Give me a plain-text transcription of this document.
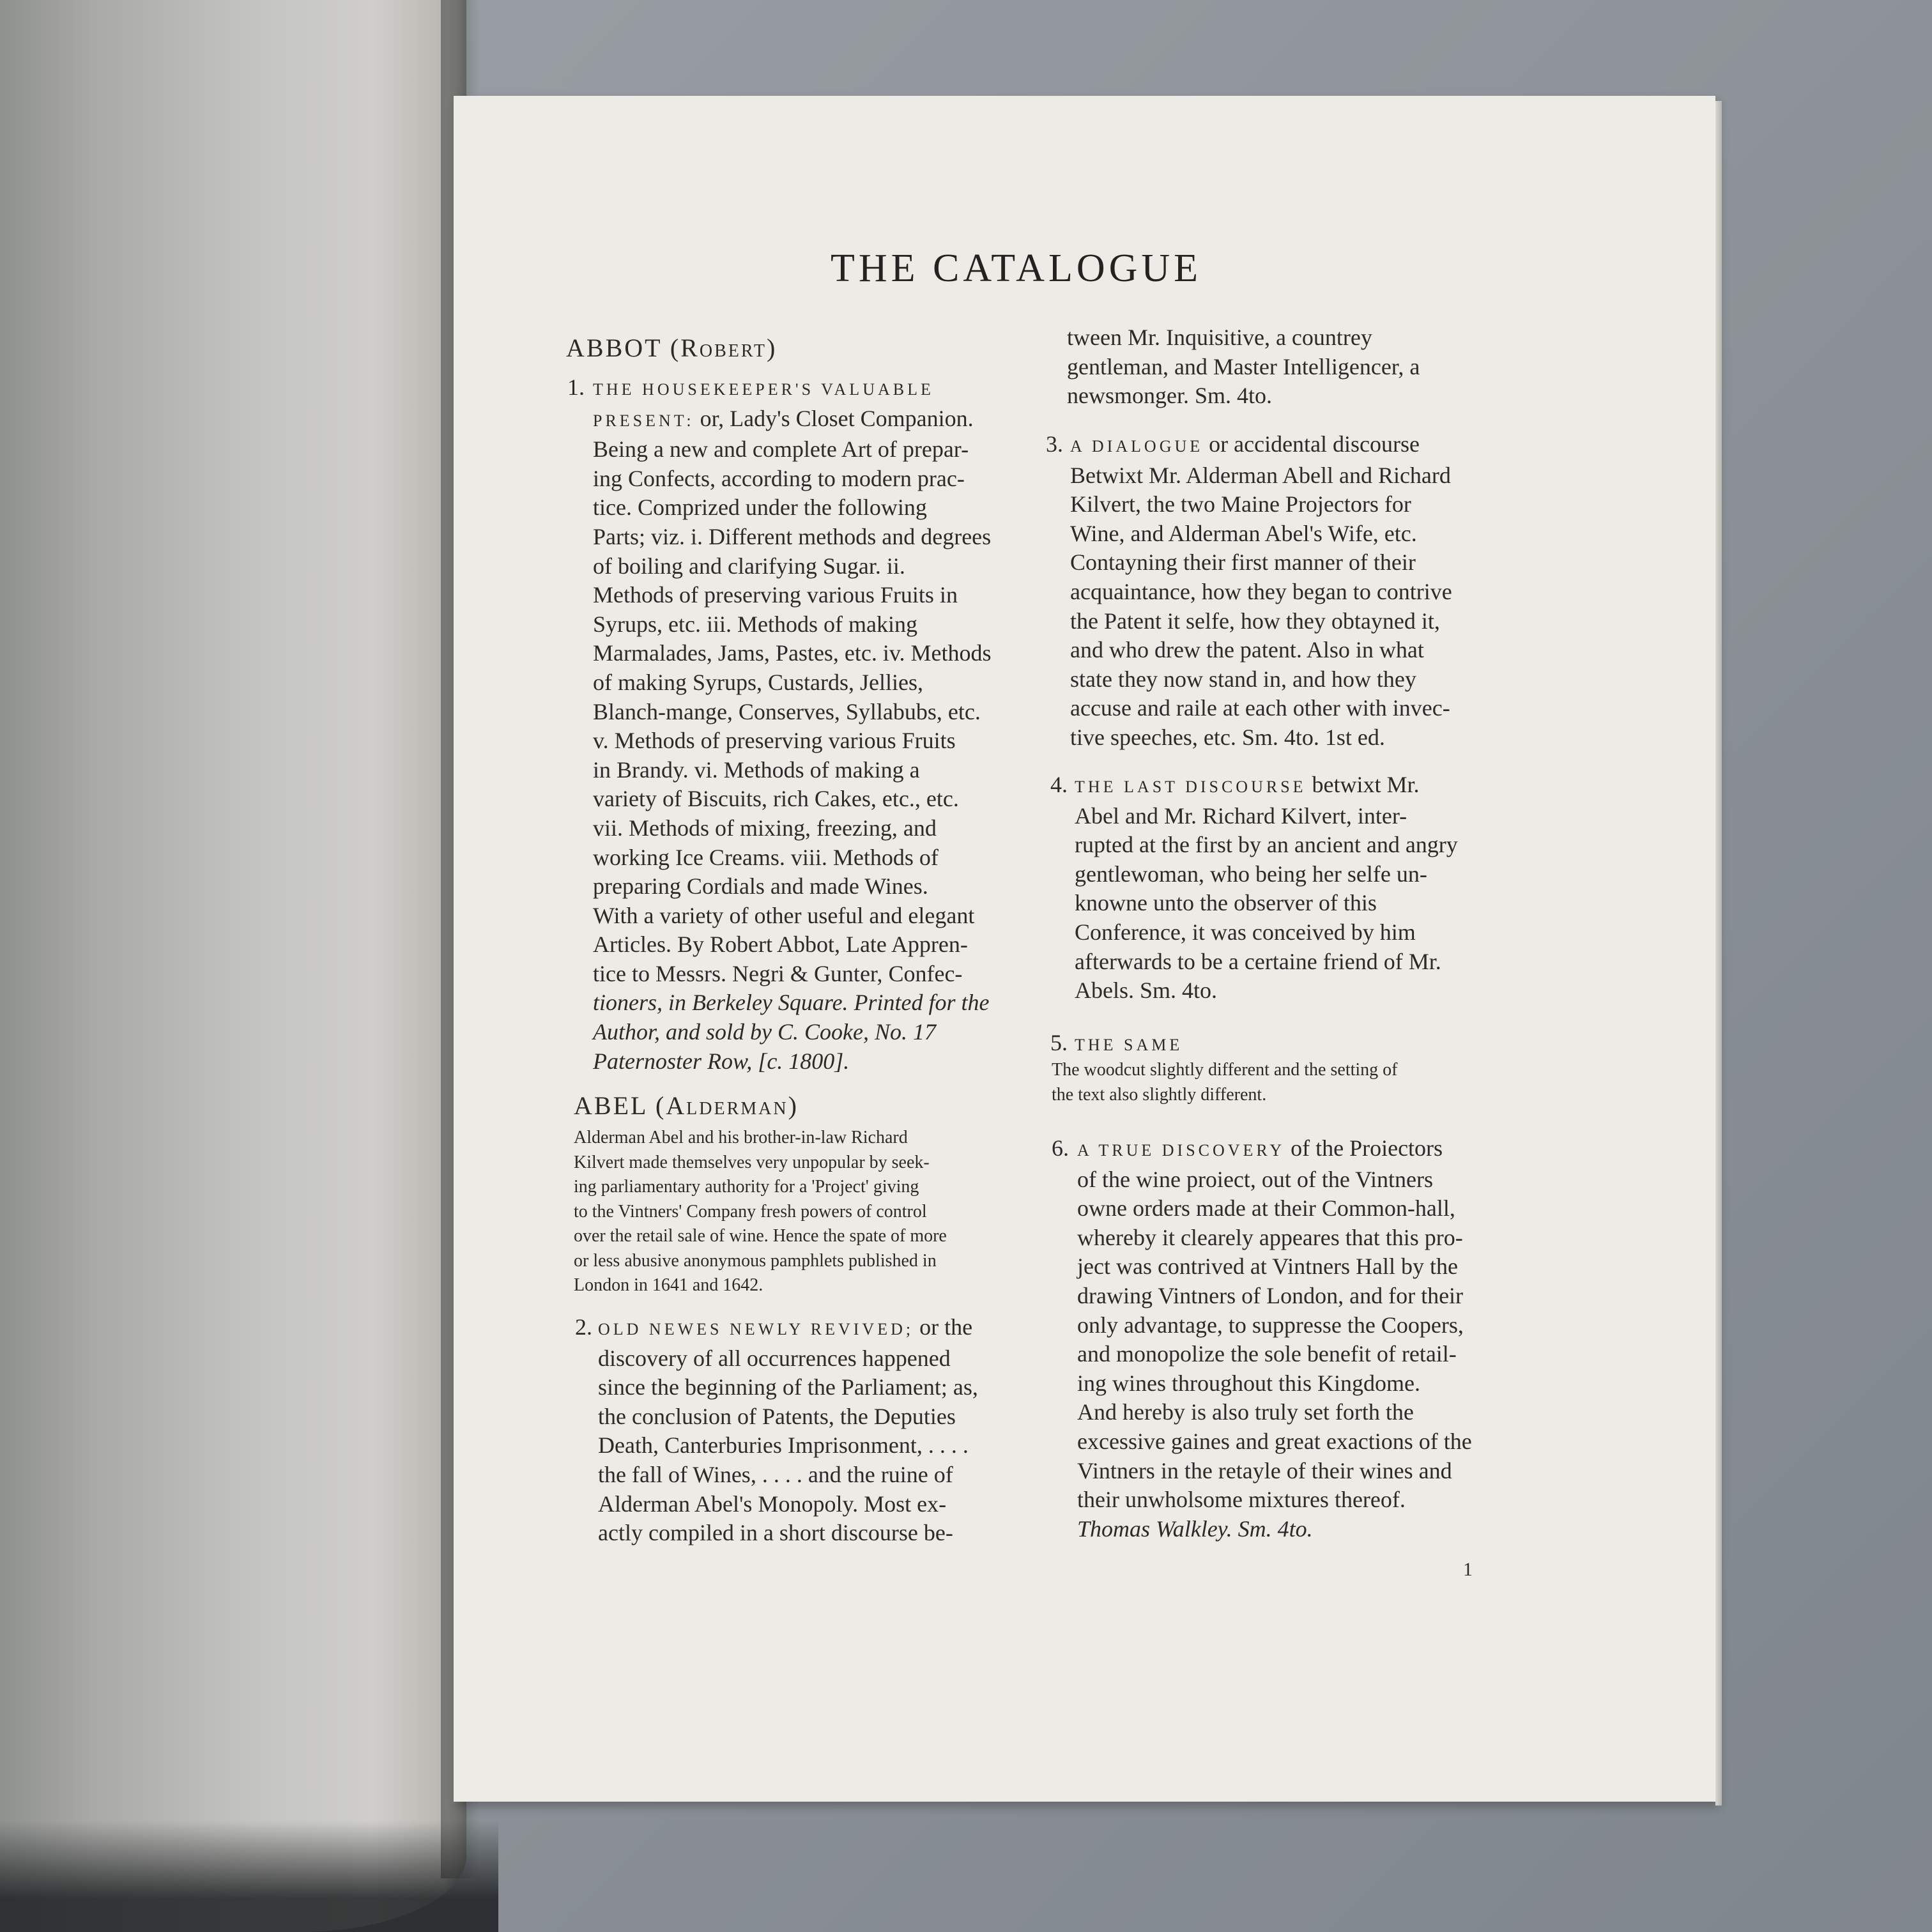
THE CATALOGUE
ABBOT (Robert)
1. THE HOUSEKEEPER'S VALUABLE

PRESENT: or, Lady's Closet Companion.

Being a new and complete Art of prepar-

ing Confects, according to modern prac-

tice. Comprized under the following

Parts; viz. i. Different methods and degrees

of boiling and clarifying Sugar. ii.

Methods of preserving various Fruits in

Syrups, etc. iii. Methods of making

Marmalades, Jams, Pastes, etc. iv. Methods

of making Syrups, Custards, Jellies,

Blanch-mange, Conserves, Syllabubs, etc.

v. Methods of preserving various Fruits

in Brandy. vi. Methods of making a

variety of Biscuits, rich Cakes, etc., etc.

vii. Methods of mixing, freezing, and

working Ice Creams. viii. Methods of

preparing Cordials and made Wines.

With a variety of other useful and elegant

Articles. By Robert Abbot, Late Appren-

tice to Messrs. Negri & Gunter, Confec-

tioners, in Berkeley Square. Printed for the

Author, and sold by C. Cooke, No. 17

Paternoster Row, [c. 1800].

ABEL (Alderman)

Alderman Abel and his brother-in-law Richard

Kilvert made themselves very unpopular by seek-

ing parliamentary authority for a 'Project' giving

to the Vintners' Company fresh powers of control

over the retail sale of wine. Hence the spate of more

or less abusive anonymous pamphlets published in

London in 1641 and 1642.

2. OLD NEWES NEWLY REVIVED; or the

discovery of all occurrences happened

since the beginning of the Parliament; as,

the conclusion of Patents, the Deputies

Death, Canterburies Imprisonment, . . . .

the fall of Wines, . . . . and the ruine of

Alderman Abel's Monopoly. Most ex-

actly compiled in a short discourse be-

tween Mr. Inquisitive, a countrey

gentleman, and Master Intelligencer, a

newsmonger. Sm. 4to.

3. A DIALOGUE or accidental discourse

Betwixt Mr. Alderman Abell and Richard

Kilvert, the two Maine Projectors for

Wine, and Alderman Abel's Wife, etc.

Contayning their first manner of their

acquaintance, how they began to contrive

the Patent it selfe, how they obtayned it,

and who drew the patent. Also in what

state they now stand in, and how they

accuse and raile at each other with invec-

tive speeches, etc. Sm. 4to. 1st ed.

4. THE LAST DISCOURSE betwixt Mr.

Abel and Mr. Richard Kilvert, inter-

rupted at the first by an ancient and angry

gentlewoman, who being her selfe un-

knowne unto the observer of this

Conference, it was conceived by him

afterwards to be a certaine friend of Mr.

Abels. Sm. 4to.

5. THE SAME

The woodcut slightly different and the setting of

the text also slightly different.

6. A TRUE DISCOVERY of the Proiectors

of the wine proiect, out of the Vintners

owne orders made at their Common-hall,

whereby it clearely appeares that this pro-

ject was contrived at Vintners Hall by the

drawing Vintners of London, and for their

only advantage, to suppresse the Coopers,

and monopolize the sole benefit of retail-

ing wines throughout this Kingdome.

And hereby is also truly set forth the

excessive gaines and great exactions of the

Vintners in the retayle of their wines and

their unwholsome mixtures thereof.

Thomas Walkley. Sm. 4to.

1
